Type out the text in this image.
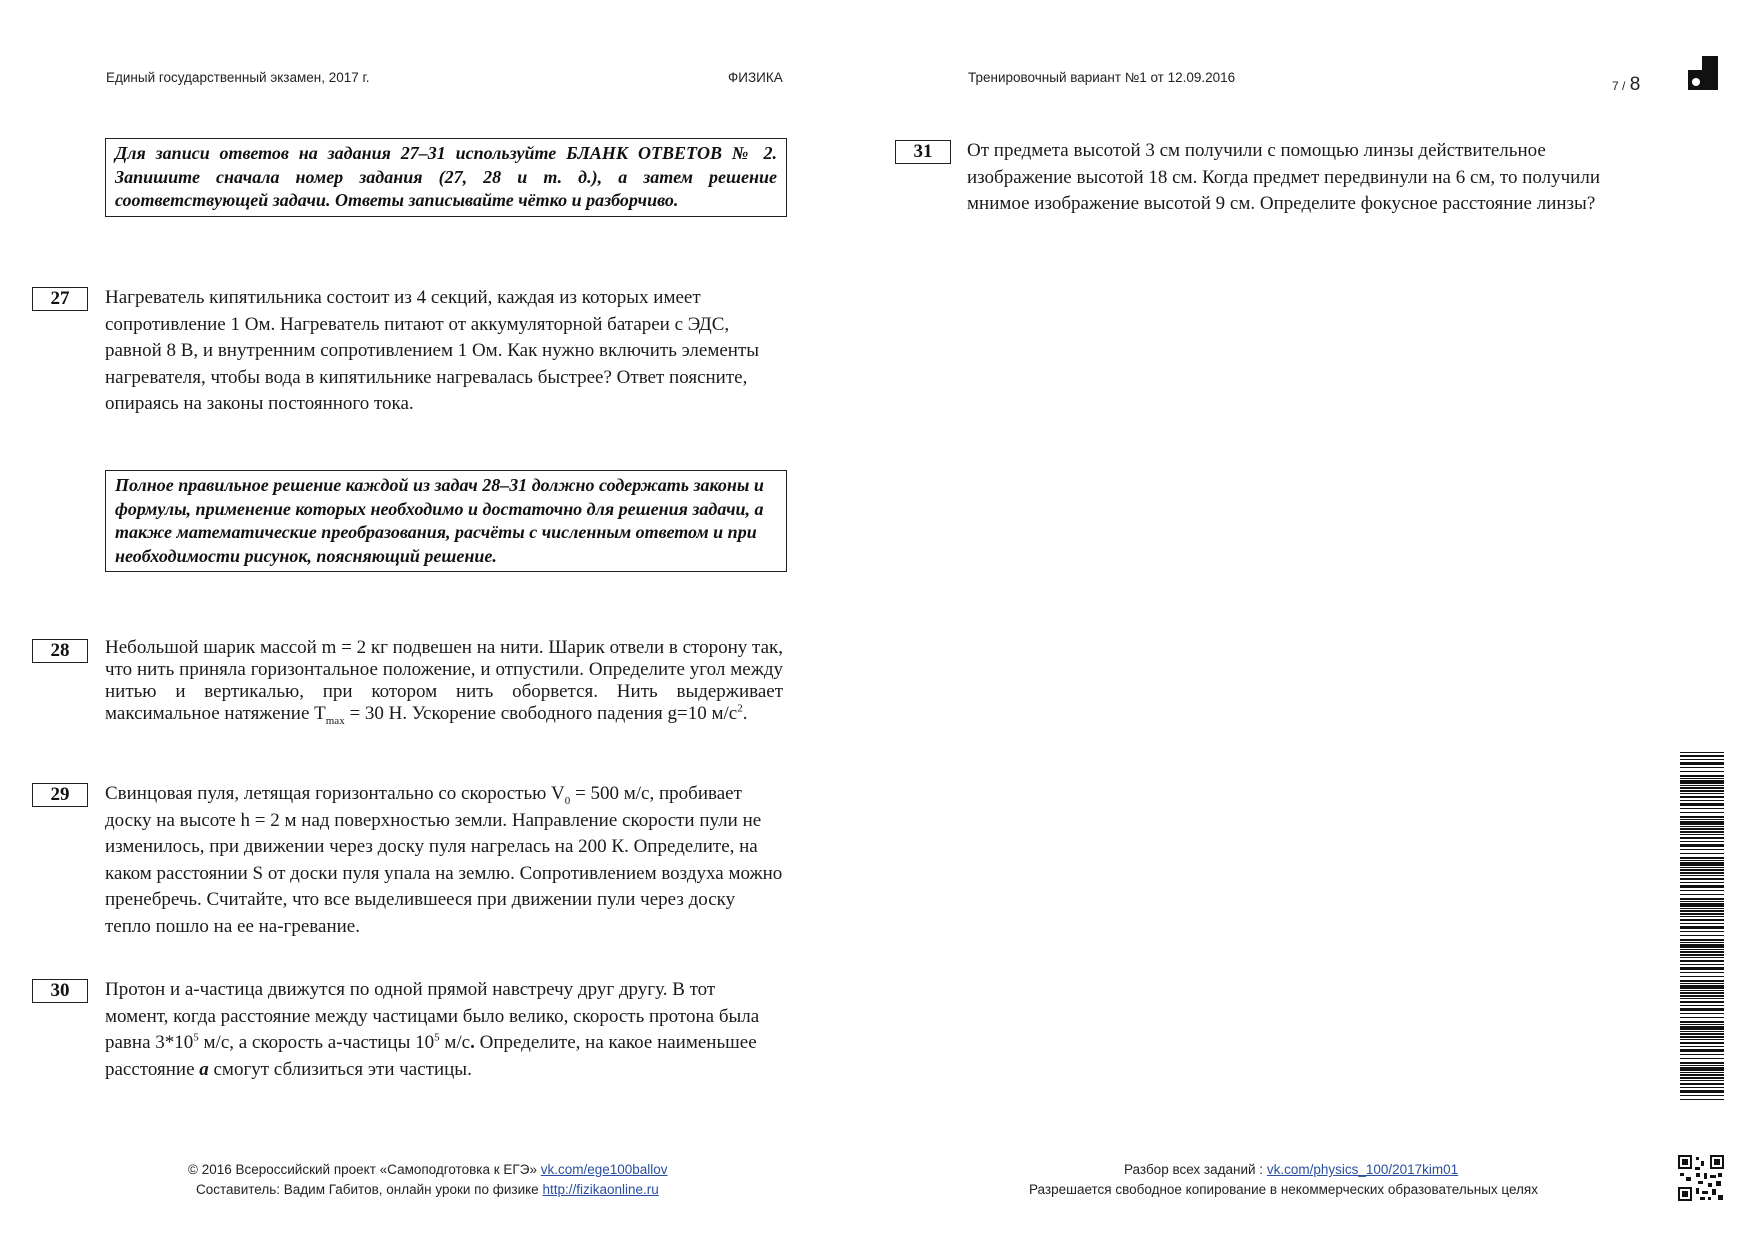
Единый государственный экзамен, 2017 г.	ФИЗИКА	Тренировочный вариант №1 от 12.09.2016
7 / 8
Для записи ответов на задания 27–31 используйте БЛАНК ОТВЕТОВ № 2. Запишите сначала номер задания (27, 28 и т. д.), а затем решение соответствующей задачи. Ответы записывайте чётко и разборчиво.
27	Нагреватель кипятильника состоит из 4 секций, каждая из которых имеет сопротивление 1 Ом. Нагреватель питают от аккумуляторной батареи с ЭДС, равной 8 В, и внутренним сопротивлением 1 Ом. Как нужно включить элементы нагревателя, чтобы вода в кипятильнике нагревалась быстрее? Ответ поясните, опираясь на законы постоянного тока.
Полное правильное решение каждой из задач 28–31 должно содержать законы и формулы, применение которых необходимо и достаточно для решения задачи, а также математические преобразования, расчёты с численным ответом и при необходимости рисунок, поясняющий решение.
28	Небольшой шарик массой m = 2 кг подвешен на нити. Шарик отвели в сторону так, что нить приняла горизонтальное положение, и отпустили. Определите угол между нитью и вертикалью, при котором нить оборвется. Нить выдерживает максимальное натяжение $T_{max} = 30$ Н. Ускорение свободного падения g=10 $м/с^2$.
29	Свинцовая пуля, летящая горизонтально со скоростью $V_0 = 500$ м/с, пробивает доску на высоте h = 2 м над поверхностью земли. Направление скорости пули не изменилось, при движении через доску пуля нагрелась на 200 К. Определите, на каком расстоянии S от доски пуля упала на землю. Сопротивлением воздуха можно пренебречь. Считайте, что все выделившееся при движении пули через доску тепло пошло на ее на-гревание.
30	Протон и a-частица движутся по одной прямой навстречу друг другу. В тот момент, когда расстояние между частицами было велико, скорость протона была равна $3*10^5$ м/с, а скорость a-частицы $10^5$ м/с. Определите, на какое наименьшее расстояние a смогут сблизиться эти частицы.
31	От предмета высотой 3 см получили с помощью линзы действительное изображение высотой 18 см. Когда предмет передвинули на 6 см, то получили мнимое изображение высотой 9 см. Определите фокусное расстояние линзы?
© 2016 Всероссийский проект «Самоподготовка к ЕГЭ» vk.com/ege100ballov
Составитель: Вадим Габитов, онлайн уроки по физике http://fizikaonline.ru
Разбор всех заданий : vk.com/physics_100/2017kim01
Разрешается свободное копирование в некоммерческих образовательных целях
